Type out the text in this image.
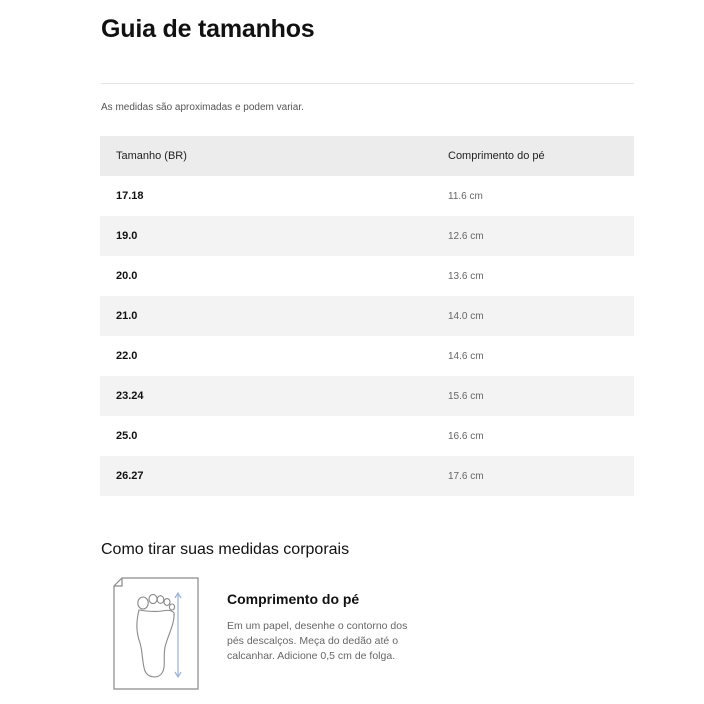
Guia de tamanhos
As medidas são aproximadas e podem variar.
Tamanho (BR)	Comprimento do pé
17.18	11.6 cm
19.0	12.6 cm
20.0	13.6 cm
21.0	14.0 cm
22.0	14.6 cm
23.24	15.6 cm
25.0	16.6 cm
26.27	17.6 cm
Como tirar suas medidas corporais
Comprimento do pé
Em um papel, desenhe o contorno dos pés descalços. Meça do dedão até o calcanhar. Adicione 0,5 cm de folga.
